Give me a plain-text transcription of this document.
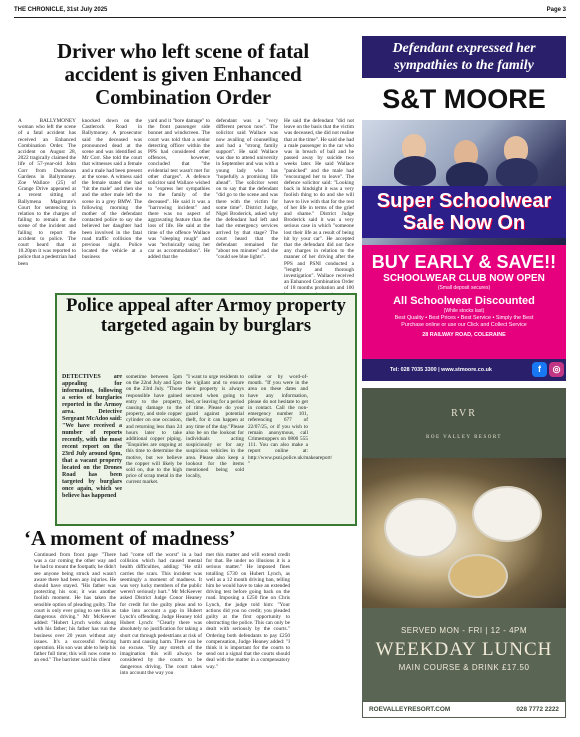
THE CHRONICLE, 31st July 2025	Page 3
Driver who left scene of fatal accident is given Enhanced Combination Order
A BALLYMONEY woman who left the scene of a fatal accident has received an Enhanced Combination Order. The accident on August 28, 2022 tragically claimed the life of 57-year-old John Corr from Dundooan Gardens in Ballymoney. Zoe Wallace (25) of Grange Drive appeared at a recent sitting of Ballymena Magistrate's Court for sentencing in relation to the charges of failing to remain at the scene of the incident and failing to report the accident to police. The court heard that at 10.20pm it was reported to police that a pedestrian had been
knocked down on the Castlerock Road in Ballymoney. A prosecutor said the deceased was pronounced dead at the scene and was identified as Mr Corr. She told the court that witnesses said a female and a male had been present at the scene. A witness said the female stated she had "hit the male" and then she and the other male left the scene in a grey BMW. The following morning the mother of the defendant contacted police to say she believed her daughter had been involved in the fatal road traffic collision the previous night. Police located the vehicle at a business
yard and it "bore damage" to the front passenger side bonnet and windscreen. The court was told that a senior detecting officer within the PPS had considered other offences, however, concluded that "the evidential test wasn't met for other charges". A defence solicitor said Wallace wished to "express her sympathies to the family of the deceased". He said it was a "harrowing incident" and there was no aspect of aggravating feature than the loss of life. He said at the time of the offence Wallace was "sleeping rough" and was "technically using her car as accommodation". He added that the
defendant was a "very different person now". The solicitor said Wallace was now availing of counselling and had a "strong family support". He said Wallace was due to attend university in September and was with a young lady who has "hopefully a promising life ahead". The solicitor went on to say that the defendant "did go to the scene and was there with the victim for some time". District Judge, Nigel Broderick, asked why the defendant had left and had the emergency services arrived by that stage? The court heard that the defendant remained for "about ten minutes" and she "could see blue lights".
He said the defendant "did not leave on the basis that the victim was deceased, she did not realise that at the time". He said she had a male passenger in the car who was in breach of bail and he passed away by suicide two weeks later. He said Wallace "panicked" and the male had "encouraged her to leave". The defence solicitor said: "Looking back in hindsight it was a very foolish thing to do and she will have to live with that for the rest of her life in terms of the grief and shame." District Judge Broderick said it was a very serious case in which "someone lost their life as a result of being hit by your car". He accepted that the defendant did not face any charges in relation to the manner of her driving after the PPS and PSNI conducted a "lengthy and thorough investigation". Wallace received an Enhanced Combination Order of 18 months probation and 100
Defendant expressed her sympathies to the family
S&T MOORE
Super Schoolwear Sale Now On
BUY EARLY & SAVE!!
SCHOOLWEAR CLUB NOW OPEN
(Small deposit secures)
All Schoolwear Discounted
(While stocks last)
Best Quality • Best Prices • Best Service • Simply the Best
Purchase online or use our Click and Collect Service
28 RAILWAY ROAD, COLERAINE
Tel: 028 7035 3300 | www.stmoore.co.uk	f	◎
Police appeal after Armoy property targeted again by burglars
DETECTIVES are appealing for information, following a series of burglaries reported in the Armoy area. Detective Sergeant McAdoo said: "We have received a number of reports recently, with the most recent report on the 23rd July around 6pm, that a vacant property located on the Drones Road has been targeted by burglars once again, which we believe has happened
sometime between 5pm on the 22nd July and 5pm on the 23rd July. "Those responsible have gained entry to the property, causing damage to the property, and stole copper cylinder on one occasion, and returning less than 24 hours later to take additional copper piping. "Enquiries are ongoing at this time to determine the motive, but we believe the copper will likely be sold on, due to the high price of scrap metal in the current market.
"I want to urge residents to be vigilant and to ensure their property is always secured when going to bed, or leaving for a period of time. Please do your guard against potential theft, for it can happen at any time of the day."Please also be on the lookout for individuals acting suspiciously or for any suspicious vehicles in the area. Please also keep a lookout for the items mentioned being sold locally,
online or by word-of-mouth. "If you were in the area on these dates and have any information, please do not hesitate to get in contact. Call the non-emergency number 101, referencing 677 of 22/07/25, or if you wish to remain anonymous, call Crimestoppers on 0800 555 111. You can also make a report online at: http://www.psni.police.uk/makeareport/ "
‘A moment of madness’
Continued from front page "There was a car coming the other way and he had to mount the footpath; he didn't see anyone being struck and wasn't aware there had been any injuries. He should have stayed. "His father was protecting his son; it was another foolish moment. He has taken the sensible option of pleading guilty. The court is only ever going to see this as dangerous driving." Mr McKeever added: "Hubert Lynch works along with his father; his father has run the business over 20 years without any issues. It's a successful fencing operation. His son was able to help his father full time; this will now come to an end." The barrister said his client
had "come off the worst" in a bad collision which had caused mental health difficulties, adding: "He still carries the scars. This incident was seemingly a moment of madness. It was very lucky members of the public weren't seriously hurt." Mr McKeever asked District Judge Conor Heaney for credit for the guilty pleas and to take into account a gap in Hubert Lynch's offending. Judge Heaney told Hubert Lynch: "Clearly there was absolutely no justification for taking a short cut through pedestrians at risk of harm and causing harm. There can be no excuse. "By any stretch of the imagination this will always be considered by the courts to be dangerous driving. The court takes into account the way you
met this matter and will extend credit for that. Be under no illusions it is a serious matter." He imposed fines totalling £730 on Hubert Lynch, as well as a 12 month driving ban, telling him he would have to take an extended driving test before going back on the road. Imposing a £250 fine on Chris Lynch, the judge told him: "Your actions did you no credit; you pleaded guilty at the first opportunity to obstructing the police. This can only be dealt with seriously by the courts." Ordering both defendants to pay £250 compensation, Judge Heaney added: "I think it is important for the courts to send out a signal that the courts should deal with the matter in a compensatory way."
RVR
ROE VALLEY RESORT
SERVED MON - FRI | 12 - 4PM
WEEKDAY LUNCH
MAIN COURSE & DRINK £17.50
ROEVALLEYRESORT.COM	028 7772 2222
